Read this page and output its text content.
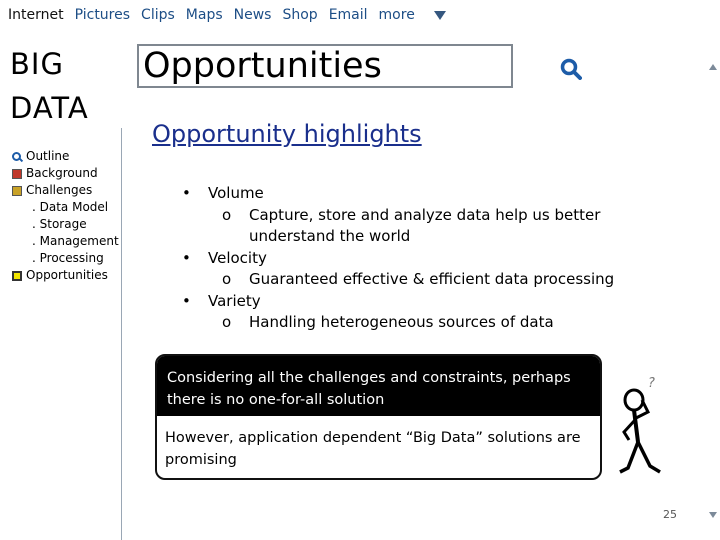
Internet Pictures Clips Maps News Shop Email more
BIG
DATA
Outline
Background
Challenges
. Data Model
. Storage
. Management
. Processing
Opportunities
Opportunities
Opportunity highlights
•	Volume
o	Capture, store and analyze data help us better understand the world
•	Velocity
o	Guaranteed effective & efficient data processing
•	Variety
o	Handling heterogeneous sources of data
Considering all the challenges and constraints, perhaps there is no one-for-all solution
However, application dependent “Big Data” solutions are promising
?
25
